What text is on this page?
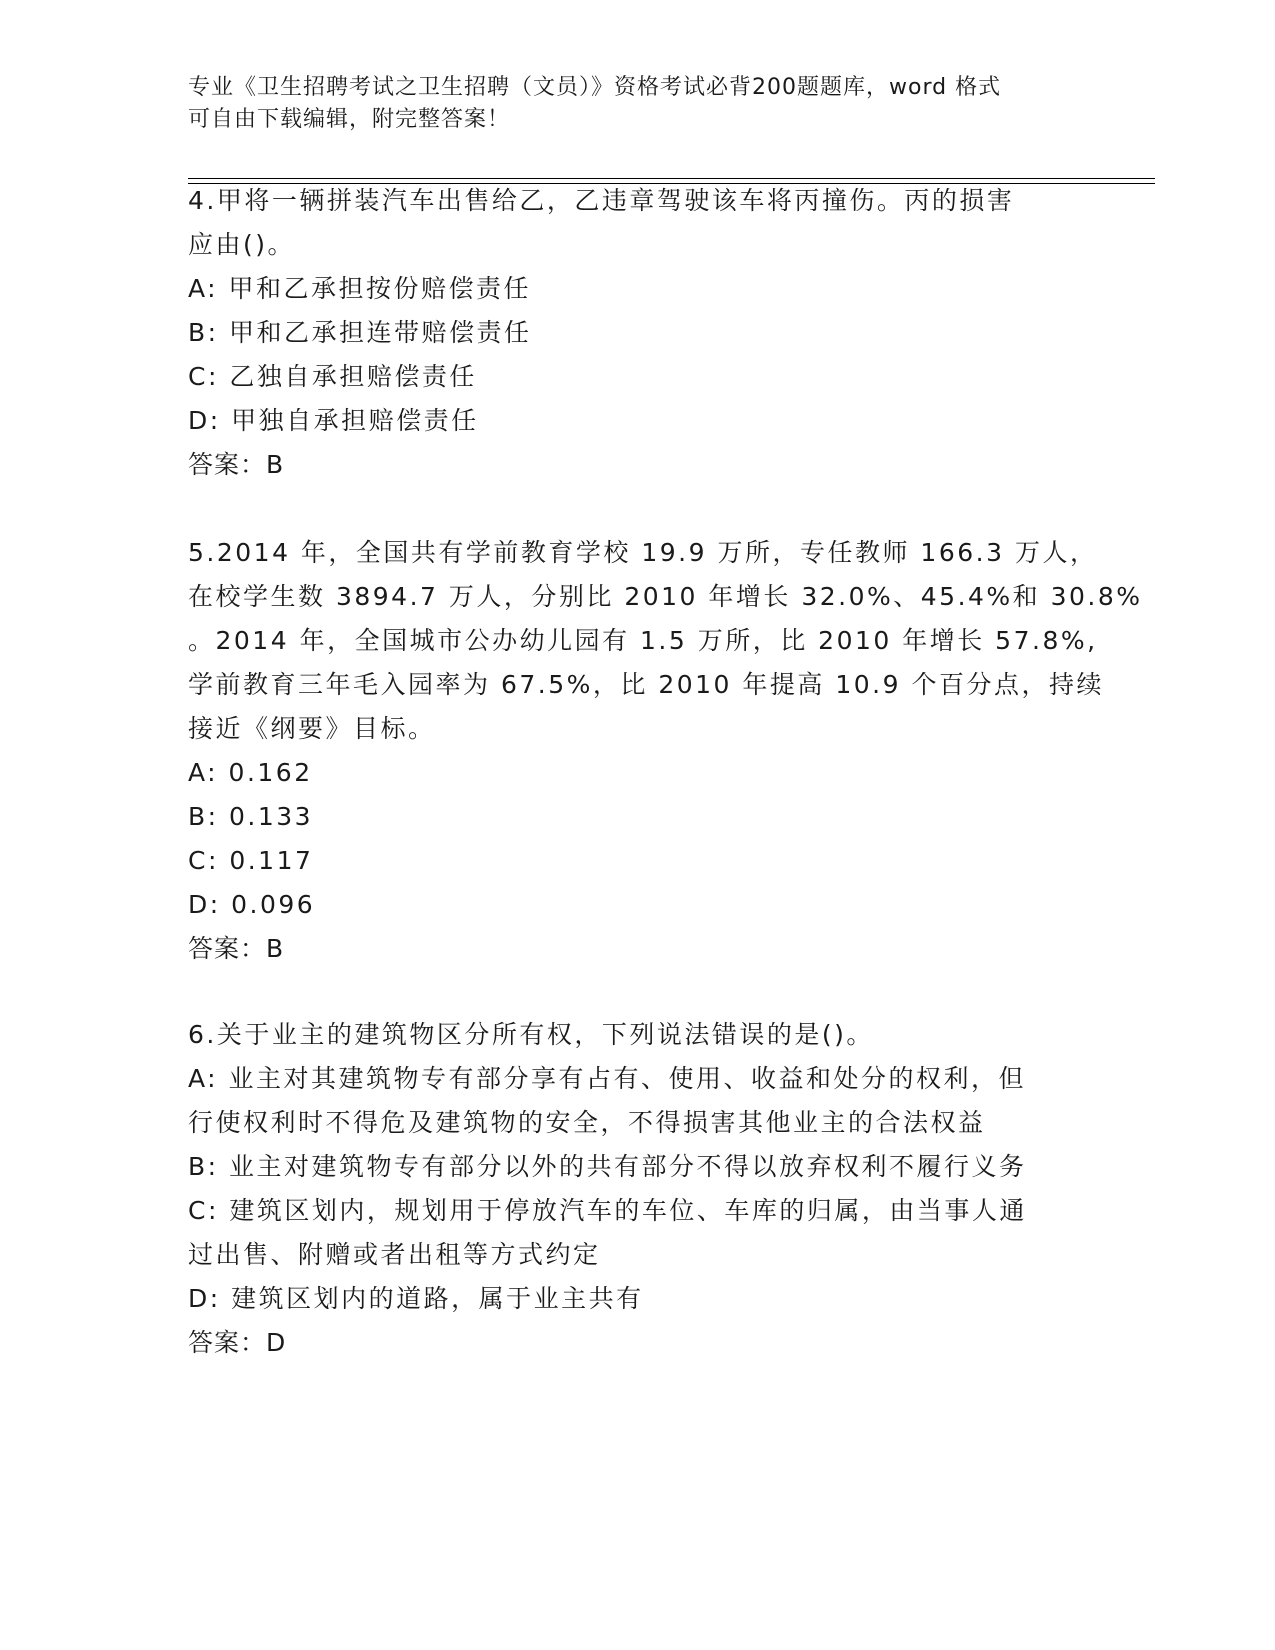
专业《卫生招聘考试之卫生招聘（文员）》资格考试必背200题题库，word 格式
可自由下载编辑，附完整答案！
4.甲将一辆拼装汽车出售给乙，乙违章驾驶该车将丙撞伤。丙的损害
应由()。
A: 甲和乙承担按份赔偿责任
B: 甲和乙承担连带赔偿责任
C: 乙独自承担赔偿责任
D: 甲独自承担赔偿责任
答案：B
5.2014 年，全国共有学前教育学校 19.9 万所，专任教师 166.3 万人，
在校学生数 3894.7 万人，分别比 2010 年增长 32.0%、45.4%和 30.8%
。2014 年，全国城市公办幼儿园有 1.5 万所，比 2010 年增长 57.8%,
学前教育三年毛入园率为 67.5%，比 2010 年提高 10.9 个百分点，持续
接近《纲要》目标。
A: 0.162
B: 0.133
C: 0.117
D: 0.096
答案：B
6.关于业主的建筑物区分所有权，下列说法错误的是()。
A: 业主对其建筑物专有部分享有占有、使用、收益和处分的权利，但
行使权利时不得危及建筑物的安全，不得损害其他业主的合法权益
B: 业主对建筑物专有部分以外的共有部分不得以放弃权利不履行义务
C: 建筑区划内，规划用于停放汽车的车位、车库的归属，由当事人通
过出售、附赠或者出租等方式约定
D: 建筑区划内的道路，属于业主共有
答案：D
